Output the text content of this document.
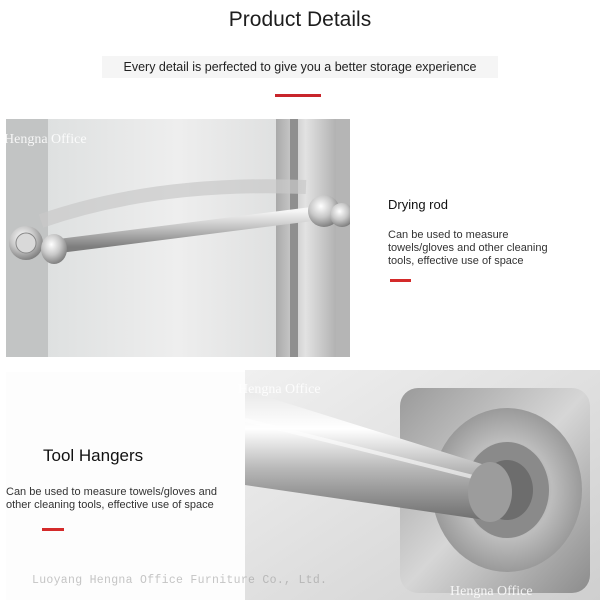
Product Details
Every detail is perfected to give you a better storage experience
Hengna Office
Drying rod
Can be used to measure towels/gloves and other cleaning tools, effective use of space
Hengna Office
Hengna Office
Tool Hangers
Can be used to measure towels/gloves and other cleaning tools, effective use of space
Luoyang Hengna Office Furniture Co., Ltd.
